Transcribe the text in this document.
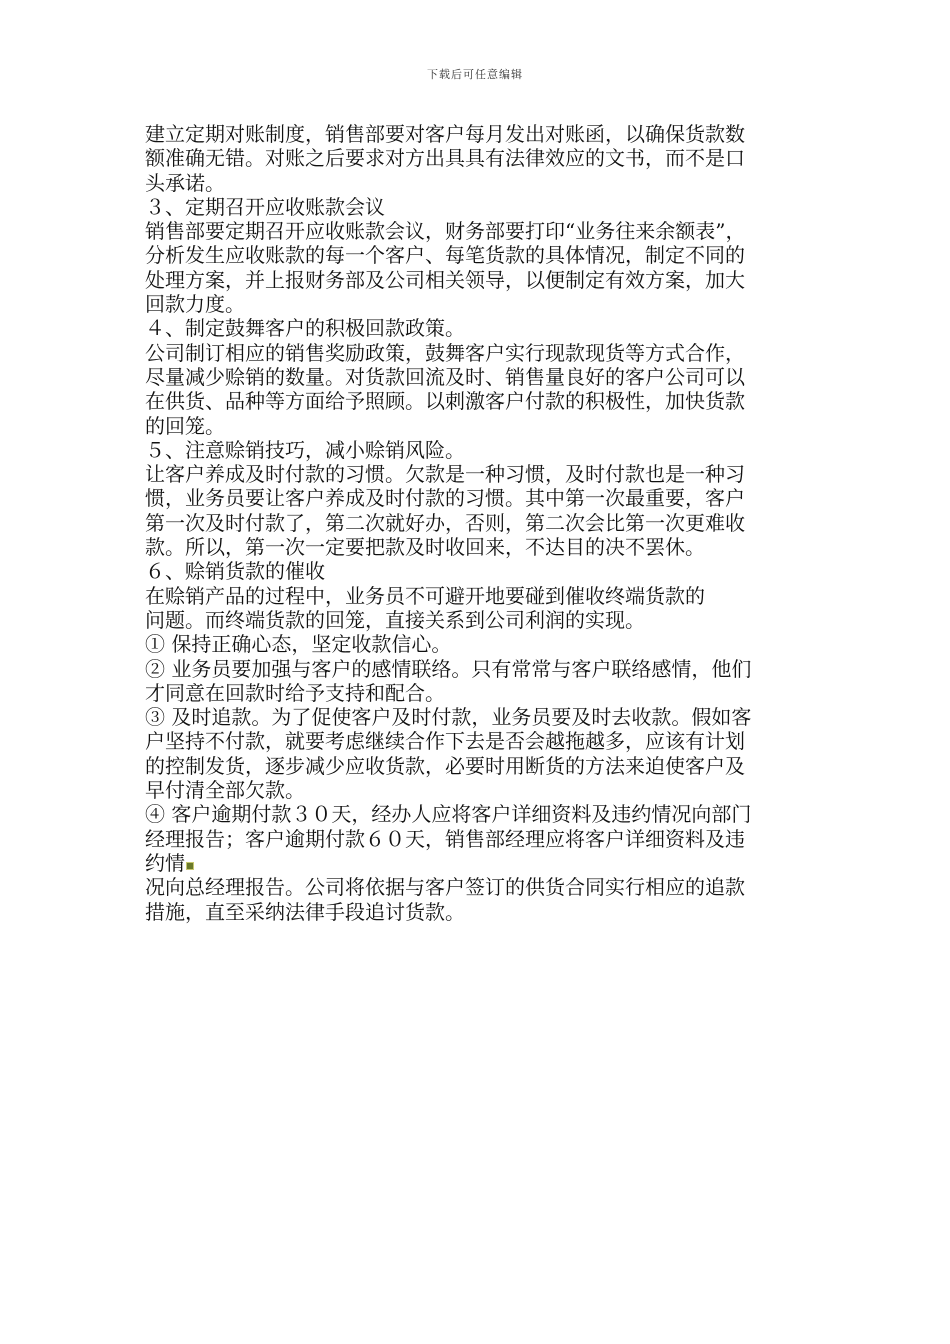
下载后可任意编辑
建立定期对账制度，销售部要对客户每月发出对账函，以确保货款数
额准确无错。对账之后要求对方出具具有法律效应的文书，而不是口
头承诺。
３、定期召开应收账款会议
销售部要定期召开应收账款会议，财务部要打印“业务往来余额表”，
分析发生应收账款的每一个客户、每笔货款的具体情况，制定不同的
处理方案，并上报财务部及公司相关领导，以便制定有效方案，加大
回款力度。
４、制定鼓舞客户的积极回款政策。
公司制订相应的销售奖励政策，鼓舞客户实行现款现货等方式合作，
尽量减少赊销的数量。对货款回流及时、销售量良好的客户公司可以
在供货、品种等方面给予照顾。以刺激客户付款的积极性，加快货款
的回笼。
５、注意赊销技巧，减小赊销风险。
让客户养成及时付款的习惯。欠款是一种习惯，及时付款也是一种习
惯，业务员要让客户养成及时付款的习惯。其中第一次最重要，客户
第一次及时付款了，第二次就好办，否则，第二次会比第一次更难收
款。所以，第一次一定要把款及时收回来，不达目的决不罢休。
６、赊销货款的催收
在赊销产品的过程中，业务员不可避开地要碰到催收终端货款的
问题。而终端货款的回笼，直接关系到公司利润的实现。
① 保持正确心态，坚定收款信心。
② 业务员要加强与客户的感情联络。只有常常与客户联络感情，他们
才同意在回款时给予支持和配合。
③ 及时追款。为了促使客户及时付款，业务员要及时去收款。假如客
户坚持不付款，就要考虑继续合作下去是否会越拖越多，应该有计划
的控制发货，逐步减少应收货款，必要时用断货的方法来迫使客户及
早付清全部欠款。
④ 客户逾期付款３０天，经办人应将客户详细资料及违约情况向部门
经理报告；客户逾期付款６０天，销售部经理应将客户详细资料及违
约情
况向总经理报告。公司将依据与客户签订的供货合同实行相应的追款
措施，直至采纳法律手段追讨货款。
